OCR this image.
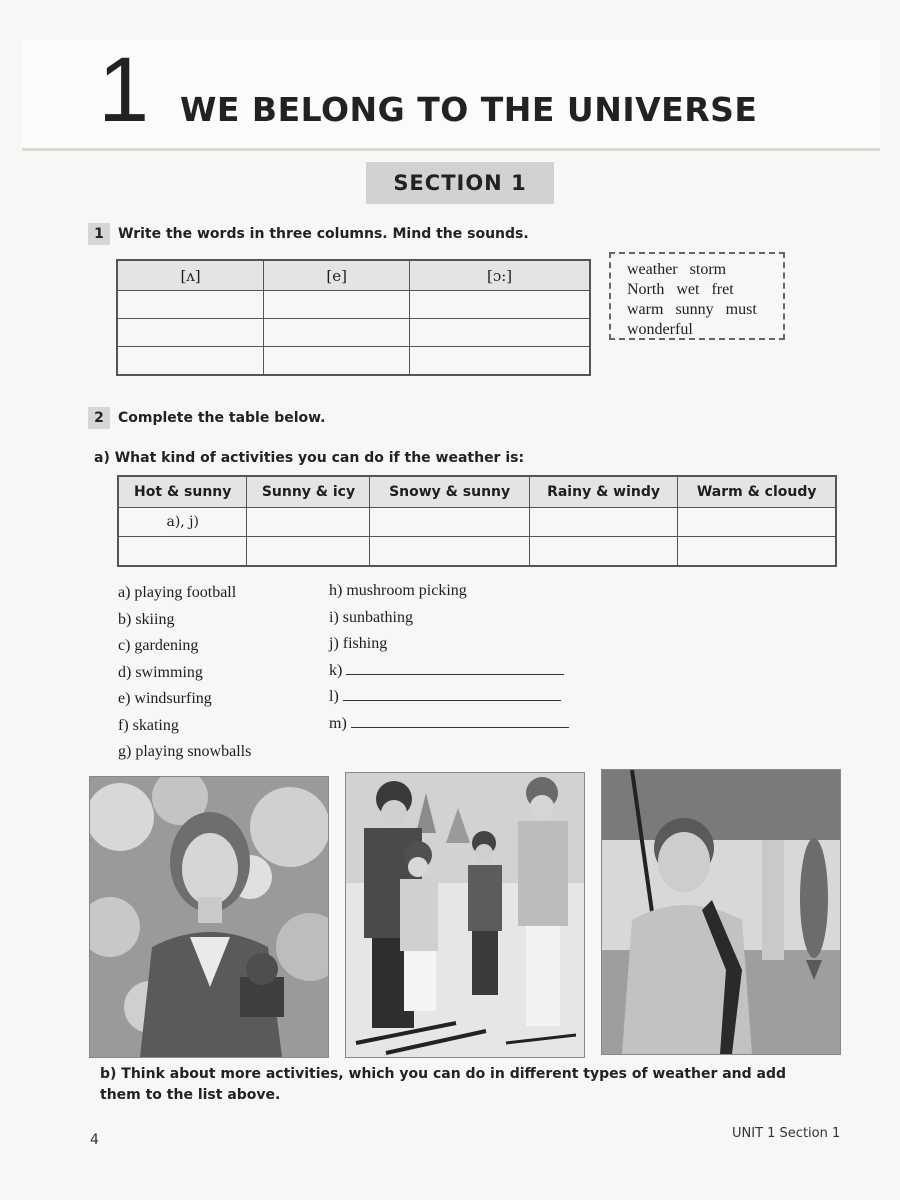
1 WE BELONG TO THE UNIVERSE
SECTION 1
1	Write the words in three columns. Mind the sounds.
[ʌ]	[e]	[ɔ:]

			weather storm
North wet fret
warm sunny must
wonderful
2	Complete the table below.
a) What kind of activities you can do if the weather is:
Hot & sunny	Sunny & icy	Snowy & sunny	Rainy & windy	Warm & cloudy
a), j)				

a) playing football
b) skiing
c) gardening
d) swimming
e) windsurfing
f) skating
g) playing snowballs
h) mushroom picking
i) sunbathing
j) fishing
k)
l)
m)
b) Think about more activities, which you can do in different types of weather and add them to the list above.
4	UNIT 1 Section 1
